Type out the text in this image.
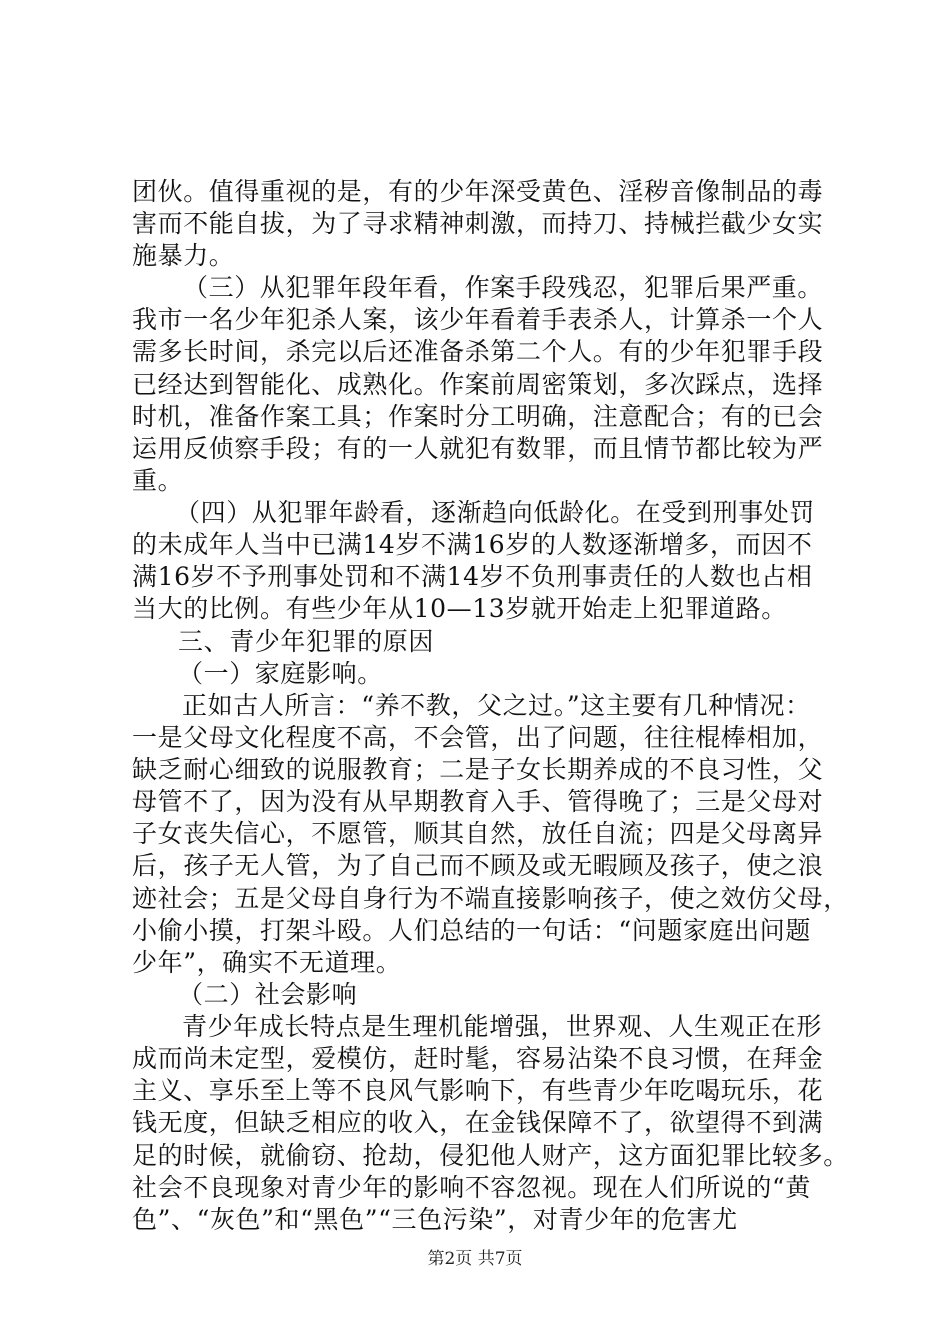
团伙。值得重视的是，有的少年深受黄色、淫秽音像制品的毒
害而不能自拔，为了寻求精神刺激，而持刀、持械拦截少女实
施暴力。
（三）从犯罪年段年看，作案手段残忍，犯罪后果严重。
我市一名少年犯杀人案，该少年看着手表杀人，计算杀一个人
需多长时间，杀完以后还准备杀第二个人。有的少年犯罪手段
已经达到智能化、成熟化。作案前周密策划，多次踩点，选择
时机，准备作案工具；作案时分工明确，注意配合；有的已会
运用反侦察手段；有的一人就犯有数罪，而且情节都比较为严
重。
（四）从犯罪年龄看，逐渐趋向低龄化。在受到刑事处罚
的未成年人当中已满14岁不满16岁的人数逐渐增多，而因不
满16岁不予刑事处罚和不满14岁不负刑事责任的人数也占相
当大的比例。有些少年从10—13岁就开始走上犯罪道路。
三、青少年犯罪的原因
（一）家庭影响。
正如古人所言：“养不教，父之过。”这主要有几种情况：
一是父母文化程度不高，不会管，出了问题，往往棍棒相加，
缺乏耐心细致的说服教育；二是子女长期养成的不良习性，父
母管不了，因为没有从早期教育入手、管得晚了；三是父母对
子女丧失信心，不愿管，顺其自然，放任自流；四是父母离异
后，孩子无人管，为了自己而不顾及或无暇顾及孩子，使之浪
迹社会；五是父母自身行为不端直接影响孩子，使之效仿父母，
小偷小摸，打架斗殴。人们总结的一句话：“问题家庭出问题
少年”，确实不无道理。
（二）社会影响
青少年成长特点是生理机能增强，世界观、人生观正在形
成而尚未定型，爱模仿，赶时髦，容易沾染不良习惯，在拜金
主义、享乐至上等不良风气影响下，有些青少年吃喝玩乐，花
钱无度，但缺乏相应的收入，在金钱保障不了，欲望得不到满
足的时候，就偷窃、抢劫，侵犯他人财产，这方面犯罪比较多。
社会不良现象对青少年的影响不容忽视。现在人们所说的“黄
色”、“灰色”和“黑色”“三色污染”，对青少年的危害尤
第2页 共7页
